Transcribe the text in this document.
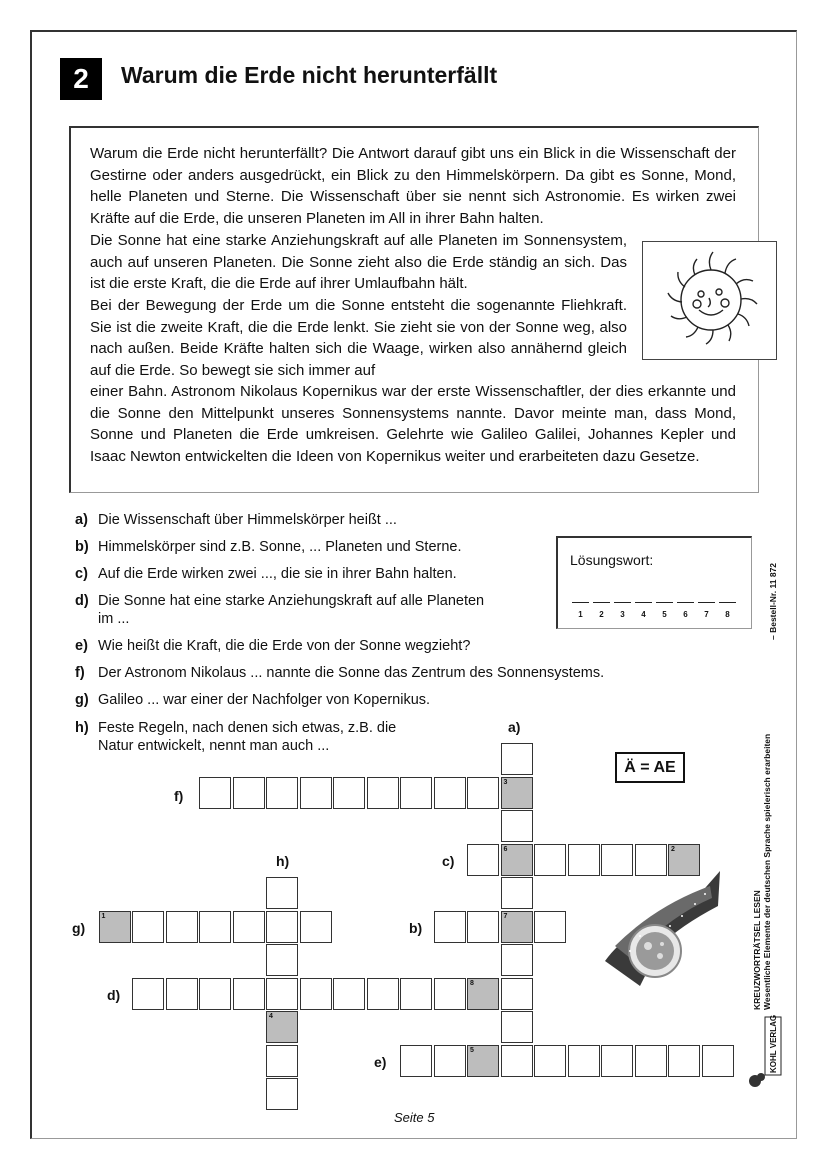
2	Warum die Erde nicht herunterfällt
Warum die Erde nicht herunterfällt? Die Antwort darauf gibt uns ein Blick in die Wissenschaft der Gestirne oder anders ausgedrückt, ein Blick zu den Himmelskörpern. Da gibt es Sonne, Mond, helle Planeten und Sterne. Die Wissenschaft über sie nennt sich Astronomie. Es wirken zwei Kräfte auf die Erde, die unseren Planeten im All in ihrer Bahn halten.
Die Sonne hat eine starke Anziehungskraft auf alle Planeten im Sonnensystem, auch auf unseren Planeten. Die Sonne zieht also die Erde ständig an sich. Das ist die erste Kraft, die die Erde auf ihrer Umlaufbahn hält.
Bei der Bewegung der Erde um die Sonne entsteht die sogenannte Fliehkraft. Sie ist die zweite Kraft, die die Erde lenkt. Sie zieht sie von der Sonne weg, also nach außen. Beide Kräfte halten sich die Waage, wirken also annähernd gleich auf die Erde. So bewegt sie sich immer auf
einer Bahn. Astronom Nikolaus Kopernikus war der erste Wissenschaftler, der dies erkannte und die Sonne den Mittelpunkt unseres Sonnensystems nannte. Davor meinte man, dass Mond, Sonne und Planeten die Erde umkreisen. Gelehrte wie Galileo Galilei, Johannes Kepler und Isaac Newton entwickelten die Ideen von Kopernikus weiter und erarbeiteten dazu Gesetze.
a) Die Wissenschaft über Himmelskörper heißt ...
b) Himmelskörper sind z.B. Sonne, ... Planeten und Sterne.
c) Auf die Erde wirken zwei ..., die sie in ihrer Bahn halten.
d) Die Sonne hat eine starke Anziehungskraft auf alle Planeten
im ...
e) Wie heißt die Kraft, die die Erde von der Sonne wegzieht?
f) Der Astronom Nikolaus ... nannte die Sonne das Zentrum des Sonnensystems.
g) Galileo ... war einer der Nachfolger von Kopernikus.
h) Feste Regeln, nach denen sich etwas, z.B. die
Natur entwickelt, nennt man auch ...
Lösungswort:
1	2	3	4	5	6	7	8
Ä = AE
3
6
7
2
4
1
8
5
a)
f)
h)	c)
g)	b)
d)
e)
KREUZWORTRÄTSEL LESEN Wesentliche Elemente der deutschen Sprache spielerisch erarbeiten
– Bestell-Nr. 11 872
KOHL VERLAG
Seite 5
